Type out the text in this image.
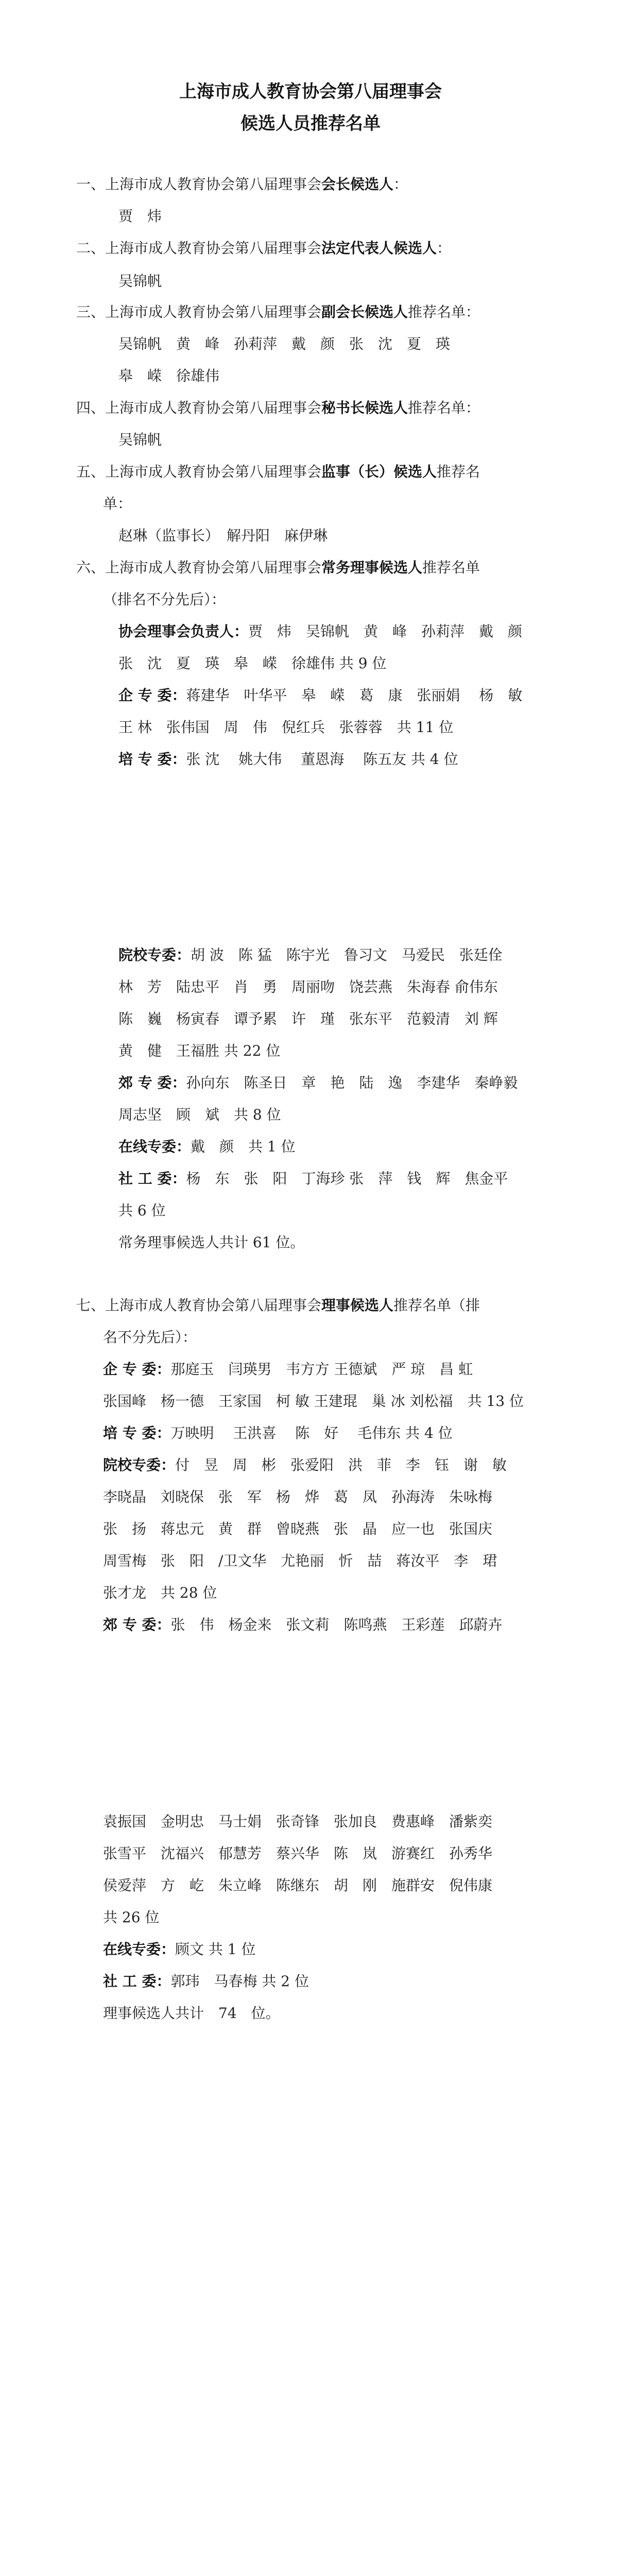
上海市成人教育协会第八届理事会
候选人员推荐名单
一、上海市成人教育协会第八届理事会会长候选人：
贾　炜
二、上海市成人教育协会第八届理事会法定代表人候选人：
吴锦帆
三、上海市成人教育协会第八届理事会副会长候选人推荐名单：
吴锦帆　黄　峰　孙莉萍　戴　颜　张　沈　夏　瑛
皋　嵘　徐雄伟
四、上海市成人教育协会第八届理事会秘书长候选人推荐名单：
吴锦帆
五、上海市成人教育协会第八届理事会监事（长）候选人推荐名
单：
赵琳（监事长）　解丹阳　麻伊琳
六、上海市成人教育协会第八届理事会常务理事候选人推荐名单
（排名不分先后）：
协会理事会负责人：贾　炜　吴锦帆　黄　峰　孙莉萍　戴　颜
张　沈　夏　瑛　皋　嵘　徐雄伟 共 9 位
企 专 委：蒋建华　叶华平　皋　嵘　葛　康　张丽娟　 杨　敏
王 林　张伟国　周　伟　倪红兵　张蓉蓉　共 11 位
培 专 委：张 沈　 姚大伟　 董恩海　 陈五友 共 4 位
院校专委：胡 波　陈 猛　陈宇光　鲁习文　马爱民　张廷佺
林　芳　陆忠平　肖　勇　周丽吻　饶芸燕　朱海春 俞伟东
陈　巍　杨寅春　谭予累　许　瑾　张东平　范毅清　刘 辉
黄　健　王福胜 共 22 位
郊 专 委：孙向东　陈圣日　章　艳　陆　逸　李建华　秦峥毅
周志坚　顾　斌　共 8 位
在线专委：戴　颜　共 1 位
社 工 委：杨　东　张　阳　丁海珍 张　萍　钱　辉　焦金平
共 6 位
常务理事候选人共计 61 位。
七、上海市成人教育协会第八届理事会理事候选人推荐名单（排
名不分先后）：
企 专 委：那庭玉　闫瑛男　韦方方 王德斌　严 琼　昌 虹
张国峰　杨一德　王家国　柯 敏 王建琨　巢 冰 刘松福　共 13 位
培 专 委：万映明　 王洪喜　 陈　好　 毛伟东 共 4 位
院校专委：付　昱　周　彬　张爱阳　洪　菲　李　钰　谢　敏
李晓晶　刘晓保　张　军　杨　烨　葛　凤　孙海涛　朱咏梅
张　扬　蒋忠元　黄　群　曾晓燕　张　晶　应一也　张国庆
周雪梅　张　阳　/卫文华　尤艳丽　忻　喆　蒋汝平　李　珺
张才龙　共 28 位
郊 专 委：张　伟　杨金来　张文莉　陈鸣燕　王彩莲　邱蔚卉
袁振国　金明忠　马士娟　张奇锋　张加良　费惠峰　潘紫奕
张雪平　沈福兴　郁慧芳　蔡兴华　陈　岚　游赛红　孙秀华
侯爱萍　方　屹　朱立峰　陈继东　胡　刚　施群安　倪伟康
共 26 位
在线专委：顾文 共 1 位
社 工 委：郭玮　马春梅 共 2 位
理事候选人共计　74　位。
